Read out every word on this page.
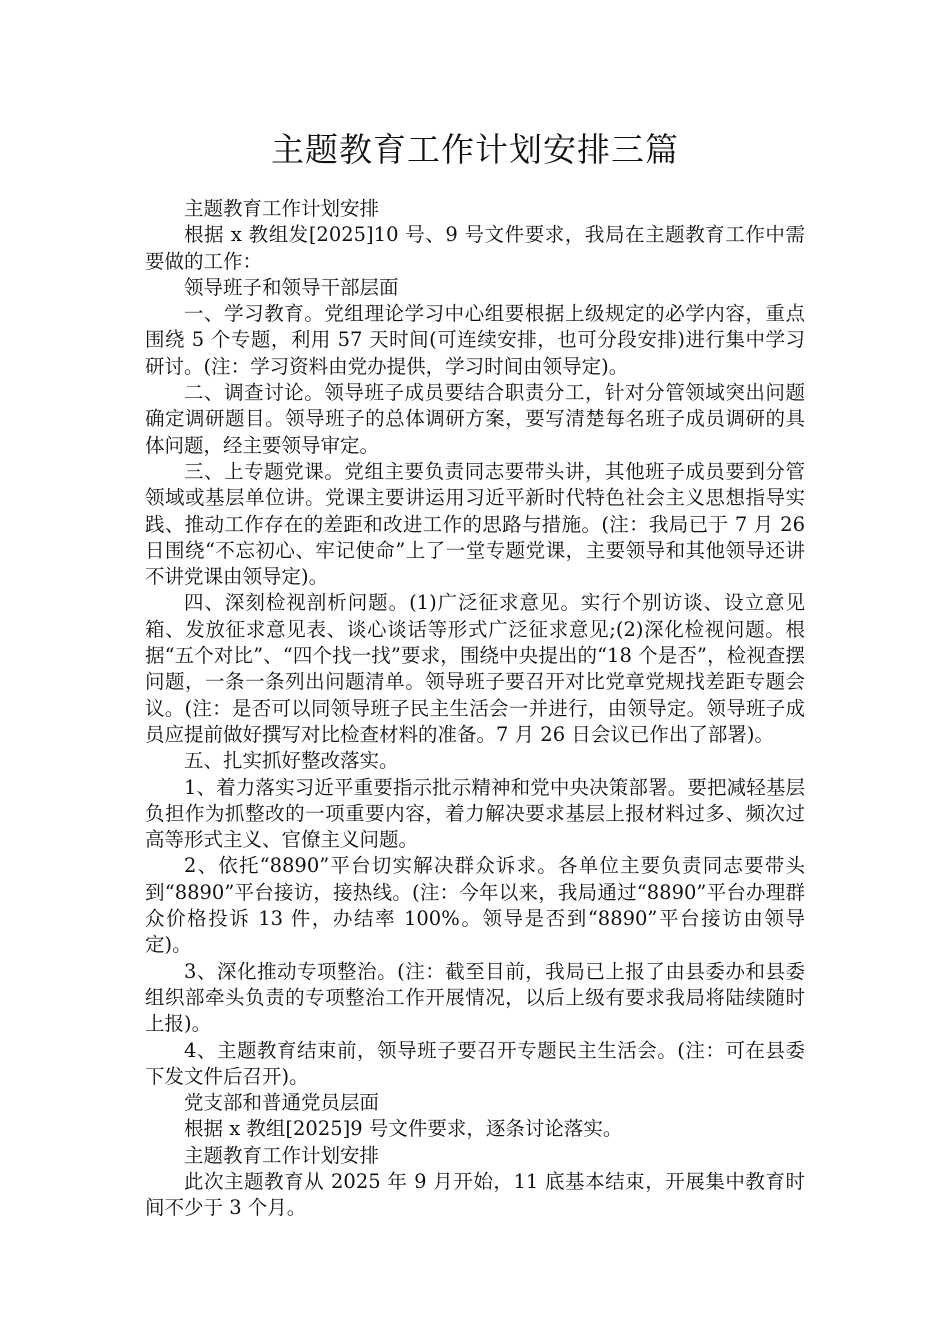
主题教育工作计划安排三篇

主题教育工作计划安排

根据 x 教组发[2025]10 号、9 号文件要求，我局在主题教育工作中需要做的工作：

领导班子和领导干部层面

一、学习教育。党组理论学习中心组要根据上级规定的必学内容，重点围绕 5 个专题，利用 57 天时间(可连续安排，也可分段安排)进行集中学习研讨。(注：学习资料由党办提供，学习时间由领导定)。

二、调查讨论。领导班子成员要结合职责分工，针对分管领域突出问题确定调研题目。领导班子的总体调研方案，要写清楚每名班子成员调研的具体问题，经主要领导审定。

三、上专题党课。党组主要负责同志要带头讲，其他班子成员要到分管领域或基层单位讲。党课主要讲运用习近平新时代特色社会主义思想指导实践、推动工作存在的差距和改进工作的思路与措施。(注：我局已于 7 月 26 日围绕“不忘初心、牢记使命”上了一堂专题党课，主要领导和其他领导还讲不讲党课由领导定)。

四、深刻检视剖析问题。(1)广泛征求意见。实行个别访谈、设立意见箱、发放征求意见表、谈心谈话等形式广泛征求意见;(2)深化检视问题。根据“五个对比”、“四个找一找”要求，围绕中央提出的“18 个是否”，检视查摆问题，一条一条列出问题清单。领导班子要召开对比党章党规找差距专题会议。(注：是否可以同领导班子民主生活会一并进行，由领导定。领导班子成员应提前做好撰写对比检查材料的准备。7 月 26 日会议已作出了部署)。

五、扎实抓好整改落实。

1、着力落实习近平重要指示批示精神和党中央决策部署。要把减轻基层负担作为抓整改的一项重要内容，着力解决要求基层上报材料过多、频次过高等形式主义、官僚主义问题。

2、依托“8890”平台切实解决群众诉求。各单位主要负责同志要带头到“8890”平台接访，接热线。(注：今年以来，我局通过“8890”平台办理群众价格投诉 13 件，办结率 100%。领导是否到“8890”平台接访由领导定)。

3、深化推动专项整治。(注：截至目前，我局已上报了由县委办和县委组织部牵头负责的专项整治工作开展情况，以后上级有要求我局将陆续随时上报)。

4、主题教育结束前，领导班子要召开专题民主生活会。(注：可在县委下发文件后召开)。

党支部和普通党员层面

根据 x 教组[2025]9 号文件要求，逐条讨论落实。

主题教育工作计划安排

此次主题教育从 2025 年 9 月开始，11 底基本结束，开展集中教育时间不少于 3 个月。
